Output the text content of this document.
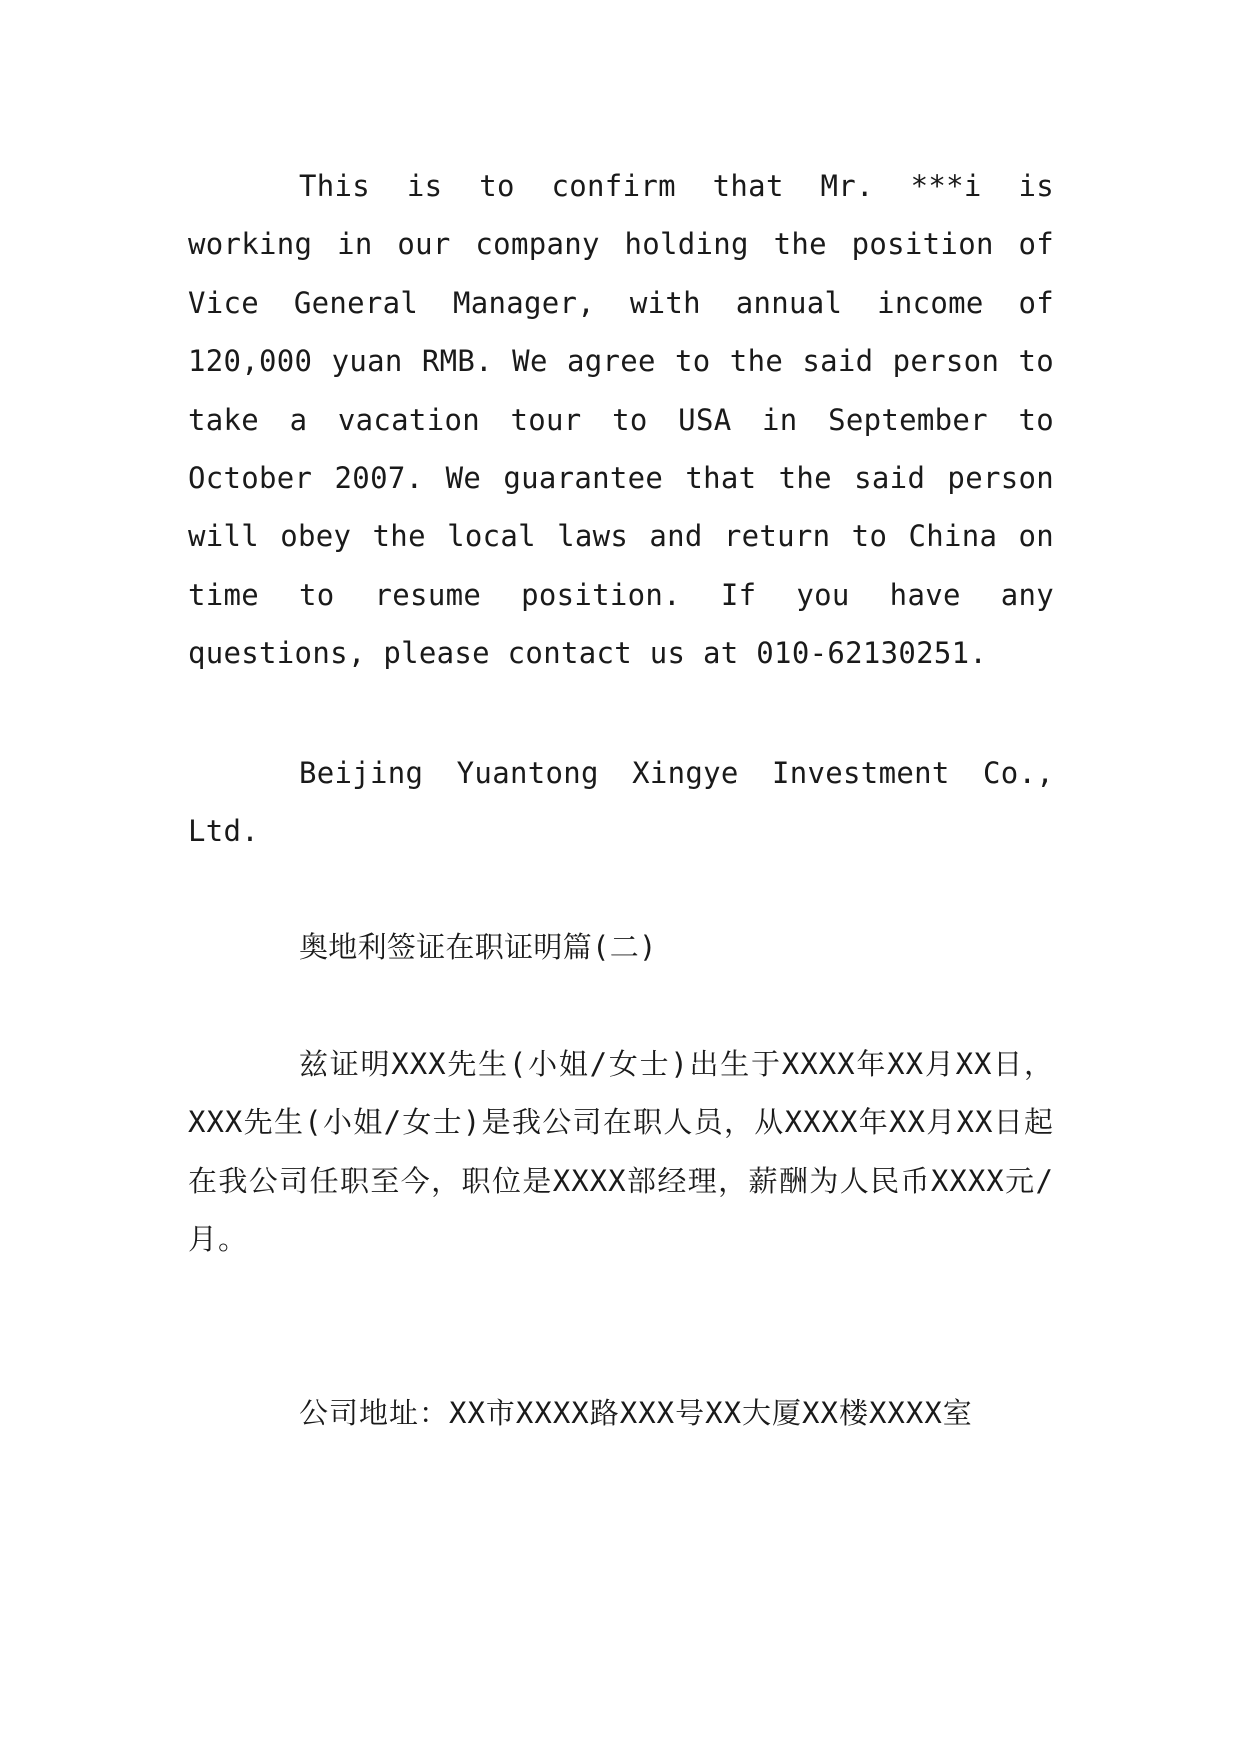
This is to confirm that Mr. ***i is working in our company holding the position of Vice General Manager, with annual income of 120,000 yuan RMB. We agree to the said person to take a vacation tour to USA in September to October 2007. We guarantee that the said person will obey the local laws and return to China on time to resume position. If you have any questions, please contact us at 010-62130251.

Beijing Yuantong Xingye Investment Co., Ltd.

奥地利签证在职证明篇(二)

兹证明XXX先生(小姐/女士)出生于XXXX年XX月XX日，XXX先生(小姐/女士)是我公司在职人员，从XXXX年XX月XX日起在我公司任职至今，职位是XXXX部经理，薪酬为人民币XXXX元/月。

公司地址：XX市XXXX路XXX号XX大厦XX楼XXXX室
